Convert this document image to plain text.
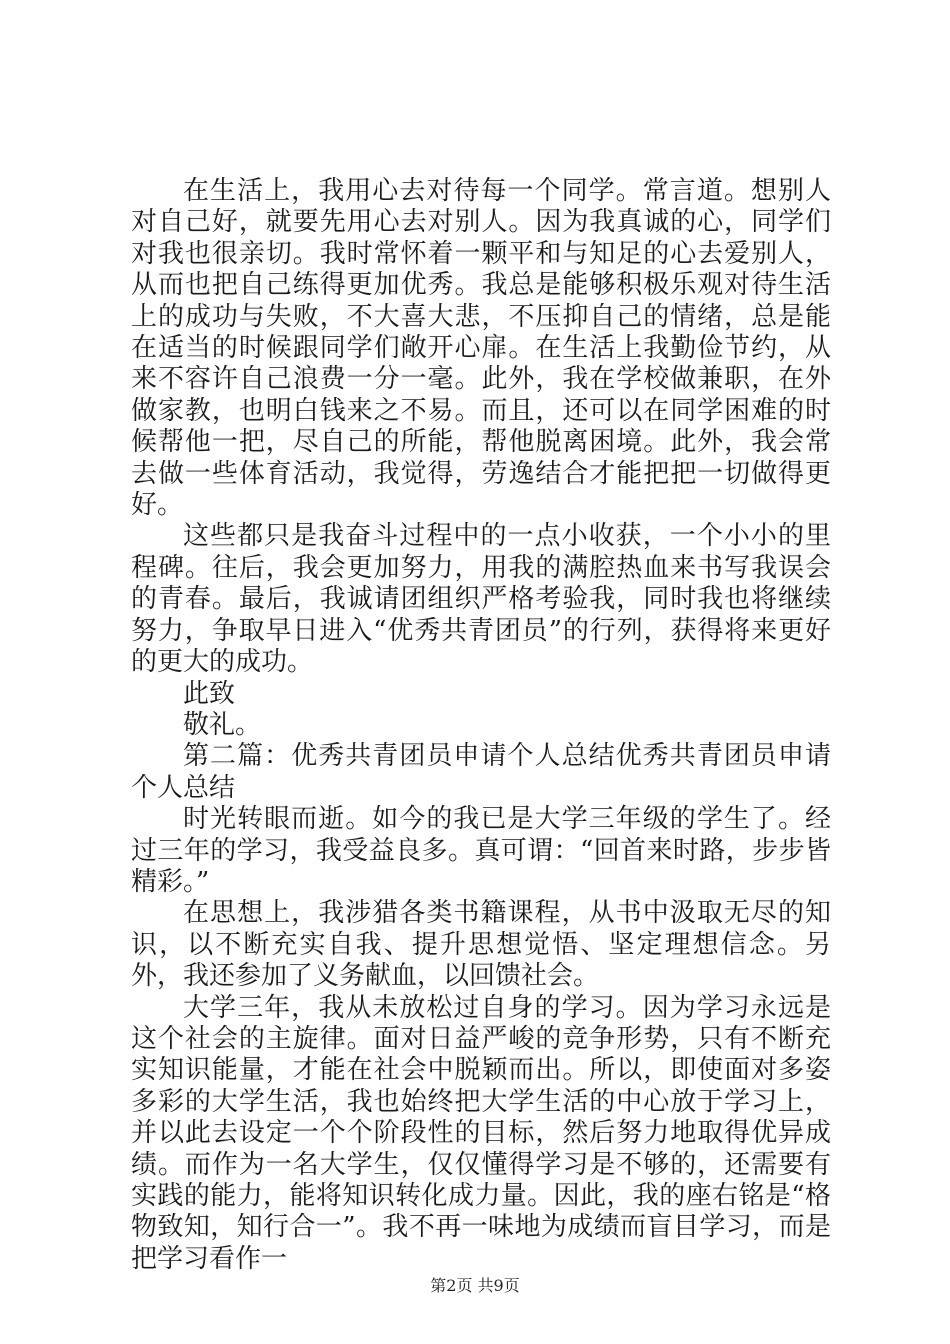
在生活上，我用心去对待每一个同学。常言道。想别人对自己好，就要先用心去对别人。因为我真诚的心，同学们对我也很亲切。我时常怀着一颗平和与知足的心去爱别人，从而也把自己练得更加优秀。我总是能够积极乐观对待生活上的成功与失败，不大喜大悲，不压抑自己的情绪，总是能在适当的时候跟同学们敞开心扉。在生活上我勤俭节约，从来不容许自己浪费一分一毫。此外，我在学校做兼职，在外做家教，也明白钱来之不易。而且，还可以在同学困难的时候帮他一把，尽自己的所能，帮他脱离困境。此外，我会常去做一些体育活动，我觉得，劳逸结合才能把把一切做得更好。

这些都只是我奋斗过程中的一点小收获，一个小小的里程碑。往后，我会更加努力，用我的满腔热血来书写我误会的青春。最后，我诚请团组织严格考验我，同时我也将继续努力，争取早日进入“优秀共青团员”的行列，获得将来更好的更大的成功。

此致

敬礼。

第二篇：优秀共青团员申请个人总结优秀共青团员申请个人总结

时光转眼而逝。如今的我已是大学三年级的学生了。经过三年的学习，我受益良多。真可谓：“回首来时路，步步皆精彩。”

在思想上，我涉猎各类书籍课程，从书中汲取无尽的知识，以不断充实自我、提升思想觉悟、坚定理想信念。另外，我还参加了义务献血，以回馈社会。

大学三年，我从未放松过自身的学习。因为学习永远是这个社会的主旋律。面对日益严峻的竞争形势，只有不断充实知识能量，才能在社会中脱颖而出。所以，即使面对多姿多彩的大学生活，我也始终把大学生活的中心放于学习上，并以此去设定一个个阶段性的目标，然后努力地取得优异成绩。而作为一名大学生，仅仅懂得学习是不够的，还需要有实践的能力，能将知识转化成力量。因此，我的座右铭是“格物致知，知行合一”。我不再一味地为成绩而盲目学习，而是把学习看作一

第2页 共9页
